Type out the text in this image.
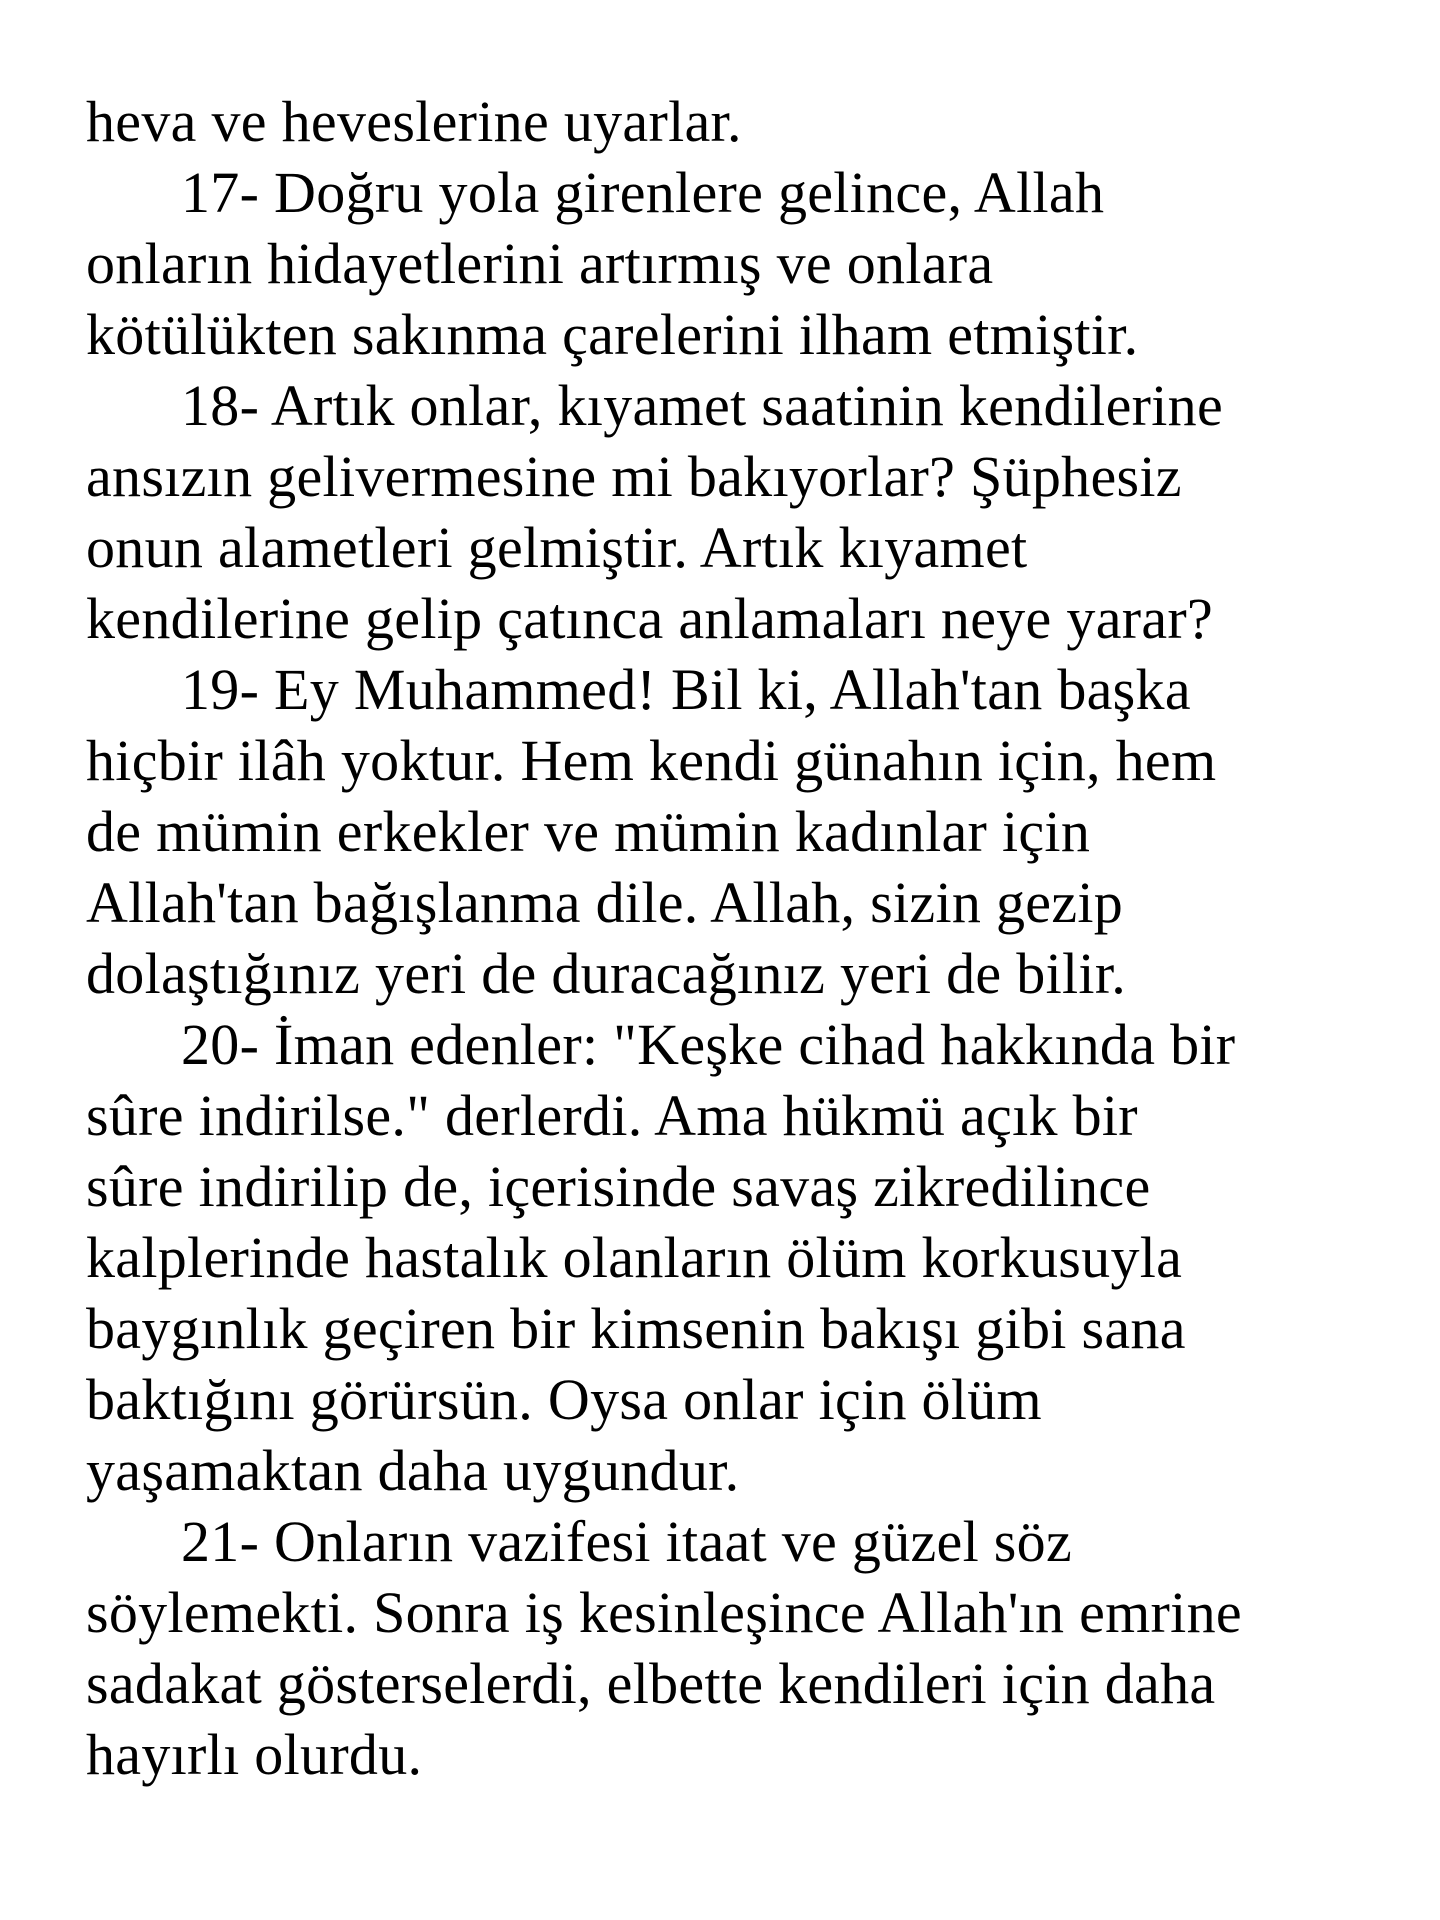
heva ve heveslerine uyarlar.
17- Doğru yola girenlere gelince, Allah
onların hidayetlerini artırmış ve onlara
kötülükten sakınma çarelerini ilham etmiştir.
18- Artık onlar, kıyamet saatinin kendilerine
ansızın gelivermesine mi bakıyorlar? Şüphesiz
onun alametleri gelmiştir. Artık kıyamet
kendilerine gelip çatınca anlamaları neye yarar?
19- Ey Muhammed! Bil ki, Allah'tan başka
hiçbir ilâh yoktur. Hem kendi günahın için, hem
de mümin erkekler ve mümin kadınlar için
Allah'tan bağışlanma dile. Allah, sizin gezip
dolaştığınız yeri de duracağınız yeri de bilir.
20- İman edenler: "Keşke cihad hakkında bir
sûre indirilse." derlerdi. Ama hükmü açık bir
sûre indirilip de, içerisinde savaş zikredilince
kalplerinde hastalık olanların ölüm korkusuyla
baygınlık geçiren bir kimsenin bakışı gibi sana
baktığını görürsün. Oysa onlar için ölüm
yaşamaktan daha uygundur.
21- Onların vazifesi itaat ve güzel söz
söylemekti. Sonra iş kesinleşince Allah'ın emrine
sadakat gösterselerdi, elbette kendileri için daha
hayırlı olurdu.
